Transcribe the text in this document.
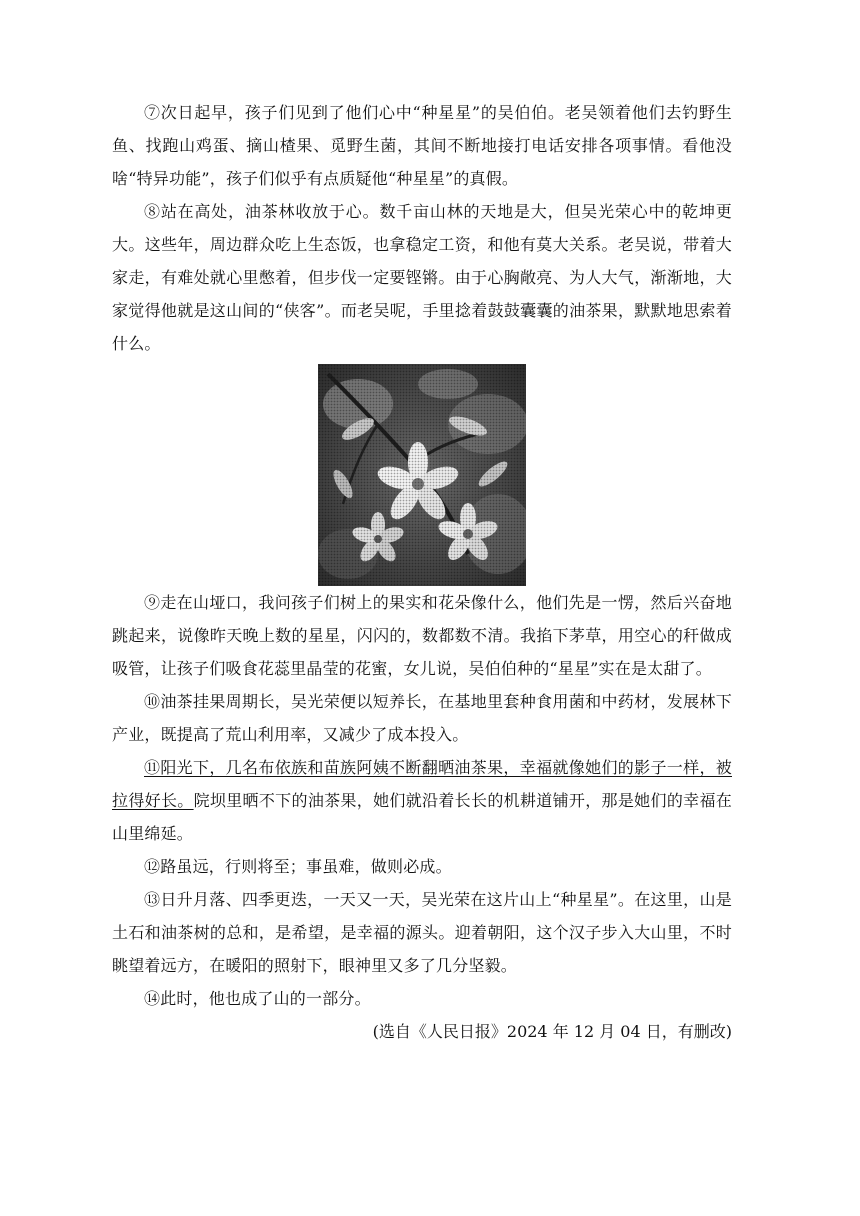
⑦次日起早，孩子们见到了他们心中“种星星”的吴伯伯。老吴领着他们去钓野生鱼、找跑山鸡蛋、摘山楂果、觅野生菌，其间不断地接打电话安排各项事情。看他没啥“特异功能”，孩子们似乎有点质疑他“种星星”的真假。

⑧站在高处，油茶林收放于心。数千亩山林的天地是大，但吴光荣心中的乾坤更大。这些年，周边群众吃上生态饭，也拿稳定工资，和他有莫大关系。老吴说，带着大家走，有难处就心里憋着，但步伐一定要铿锵。由于心胸敞亮、为人大气，渐渐地，大家觉得他就是这山间的“侠客”。而老吴呢，手里捻着鼓鼓囊囊的油茶果，默默地思索着什么。

⑨走在山垭口，我问孩子们树上的果实和花朵像什么，他们先是一愣，然后兴奋地跳起来，说像昨天晚上数的星星，闪闪的，数都数不清。我掐下茅草，用空心的秆做成吸管，让孩子们吸食花蕊里晶莹的花蜜，女儿说，吴伯伯种的“星星”实在是太甜了。

⑩油茶挂果周期长，吴光荣便以短养长，在基地里套种食用菌和中药材，发展林下产业，既提高了荒山利用率，又减少了成本投入。

⑪阳光下，几名布依族和苗族阿姨不断翻晒油茶果，幸福就像她们的影子一样，被拉得好长。院坝里晒不下的油茶果，她们就沿着长长的机耕道铺开，那是她们的幸福在山里绵延。

⑫路虽远，行则将至；事虽难，做则必成。

⑬日升月落、四季更迭，一天又一天，吴光荣在这片山上“种星星”。在这里，山是土石和油茶树的总和，是希望，是幸福的源头。迎着朝阳，这个汉子步入大山里，不时眺望着远方，在暖阳的照射下，眼神里又多了几分坚毅。

⑭此时，他也成了山的一部分。

(选自《人民日报》2024 年 12 月 04 日，有删改)
